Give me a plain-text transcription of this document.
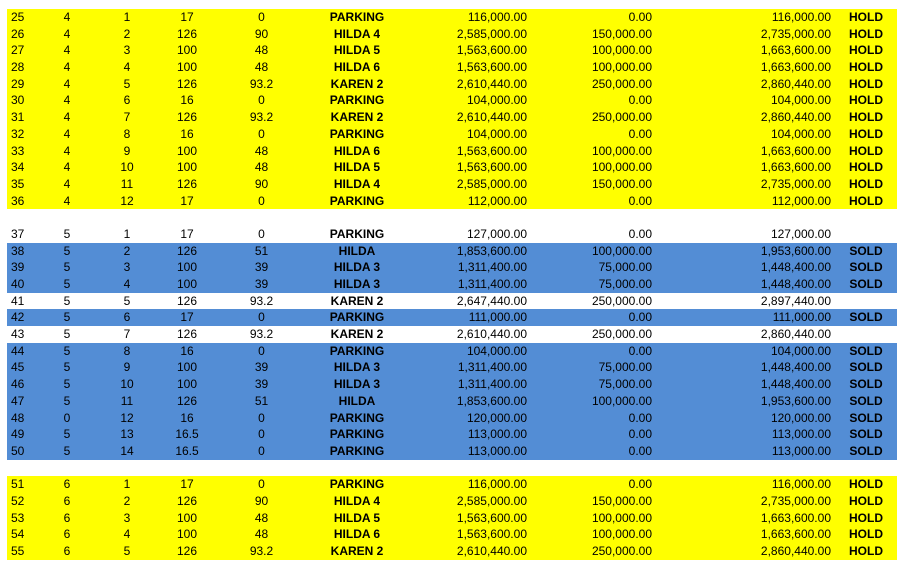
25	4	1	17	0	PARKING	116,000.00	0.00	116,000.00	HOLD
26	4	2	126	90	HILDA 4	2,585,000.00	150,000.00	2,735,000.00	HOLD
27	4	3	100	48	HILDA 5	1,563,600.00	100,000.00	1,663,600.00	HOLD
28	4	4	100	48	HILDA 6	1,563,600.00	100,000.00	1,663,600.00	HOLD
29	4	5	126	93.2	KAREN 2	2,610,440.00	250,000.00	2,860,440.00	HOLD
30	4	6	16	0	PARKING	104,000.00	0.00	104,000.00	HOLD
31	4	7	126	93.2	KAREN 2	2,610,440.00	250,000.00	2,860,440.00	HOLD
32	4	8	16	0	PARKING	104,000.00	0.00	104,000.00	HOLD
33	4	9	100	48	HILDA 6	1,563,600.00	100,000.00	1,663,600.00	HOLD
34	4	10	100	48	HILDA 5	1,563,600.00	100,000.00	1,663,600.00	HOLD
35	4	11	126	90	HILDA 4	2,585,000.00	150,000.00	2,735,000.00	HOLD
36	4	12	17	0	PARKING	112,000.00	0.00	112,000.00	HOLD
37	5	1	17	0	PARKING	127,000.00	0.00	127,000.00
38	5	2	126	51	HILDA	1,853,600.00	100,000.00	1,953,600.00	SOLD
39	5	3	100	39	HILDA 3	1,311,400.00	75,000.00	1,448,400.00	SOLD
40	5	4	100	39	HILDA 3	1,311,400.00	75,000.00	1,448,400.00	SOLD
41	5	5	126	93.2	KAREN 2	2,647,440.00	250,000.00	2,897,440.00
42	5	6	17	0	PARKING	111,000.00	0.00	111,000.00	SOLD
43	5	7	126	93.2	KAREN 2	2,610,440.00	250,000.00	2,860,440.00
44	5	8	16	0	PARKING	104,000.00	0.00	104,000.00	SOLD
45	5	9	100	39	HILDA 3	1,311,400.00	75,000.00	1,448,400.00	SOLD
46	5	10	100	39	HILDA 3	1,311,400.00	75,000.00	1,448,400.00	SOLD
47	5	11	126	51	HILDA	1,853,600.00	100,000.00	1,953,600.00	SOLD
48	0	12	16	0	PARKING	120,000.00	0.00	120,000.00	SOLD
49	5	13	16.5	0	PARKING	113,000.00	0.00	113,000.00	SOLD
50	5	14	16.5	0	PARKING	113,000.00	0.00	113,000.00	SOLD
51	6	1	17	0	PARKING	116,000.00	0.00	116,000.00	HOLD
52	6	2	126	90	HILDA 4	2,585,000.00	150,000.00	2,735,000.00	HOLD
53	6	3	100	48	HILDA 5	1,563,600.00	100,000.00	1,663,600.00	HOLD
54	6	4	100	48	HILDA 6	1,563,600.00	100,000.00	1,663,600.00	HOLD
55	6	5	126	93.2	KAREN 2	2,610,440.00	250,000.00	2,860,440.00	HOLD
